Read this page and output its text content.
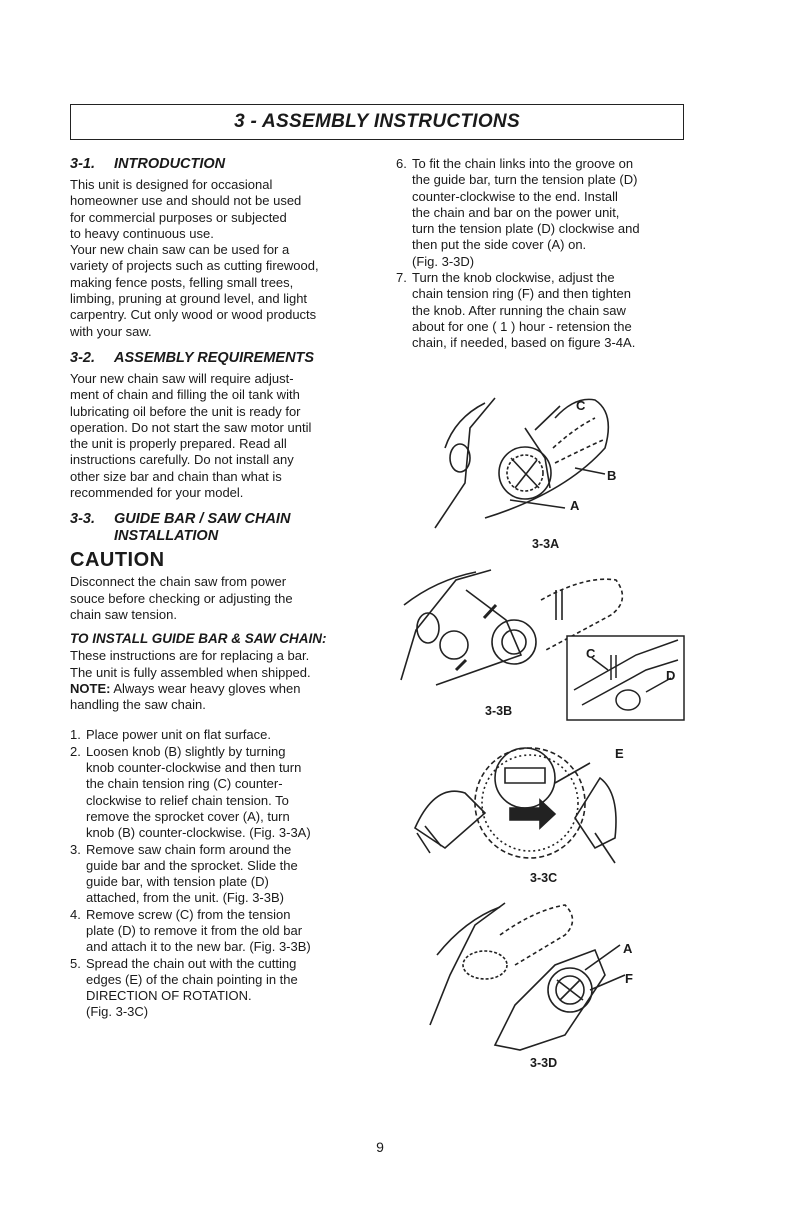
3 - ASSEMBLY INSTRUCTIONS
3-1.	INTRODUCTION

This unit is designed for occasional

homeowner use and should not be used

for commercial purposes or subjected

to heavy continuous use.

Your new chain saw can be used for a

variety of projects such as cutting firewood,

making fence posts, felling small trees,

limbing, pruning at ground level, and light

carpentry. Cut only wood or wood products

with your saw.

3-2.	ASSEMBLY REQUIREMENTS

Your new chain saw will require adjust-

ment of chain and filling the oil tank with

lubricating oil before the unit is ready for

operation. Do not start the saw motor until

the unit is properly prepared. Read all

instructions carefully. Do not install any

other size bar and chain than what is

recommended for your model.

3-3.	GUIDE BAR / SAW CHAIN
INSTALLATION
CAUTION

Disconnect the chain saw from power

souce before checking or adjusting the

chain saw tension.

TO INSTALL GUIDE BAR & SAW CHAIN:

These instructions are for replacing a bar.

The unit is fully assembled when shipped.

NOTE: Always wear heavy gloves when

handling the saw chain.

1. Place power unit on flat surface.
2. Loosen knob (B) slightly by turning
knob counter-clockwise and then turn
the chain tension ring (C) counter-
clockwise to relief chain tension. To
remove the sprocket cover (A), turn
knob (B) counter-clockwise. (Fig. 3-3A)
3. Remove saw chain form around the
guide bar and the sprocket. Slide the
guide bar, with tension plate (D)
attached, from the unit. (Fig. 3-3B)
4. Remove screw (C) from the tension
plate (D) to remove it from the old bar
and attach it to the new bar. (Fig. 3-3B)
5. Spread the chain out with the cutting
edges (E) of the chain pointing in the
DIRECTION OF ROTATION.
(Fig. 3-3C)
6. To fit the chain links into the groove on
the guide bar, turn the tension plate (D)
counter-clockwise to the end. Install
the chain and bar on the power unit,
turn the tension plate (D) clockwise and
then put the side cover (A) on.
(Fig. 3-3D)
7. Turn the knob clockwise, adjust the
chain tension ring (F) and then tighten
the knob. After running the chain saw
about for one ( 1 ) hour - retension the
chain, if needed, based on figure 3-4A.
C
B
A
3-3A
C
D
3-3B
E
3-3C
A
F
3-3D
9
